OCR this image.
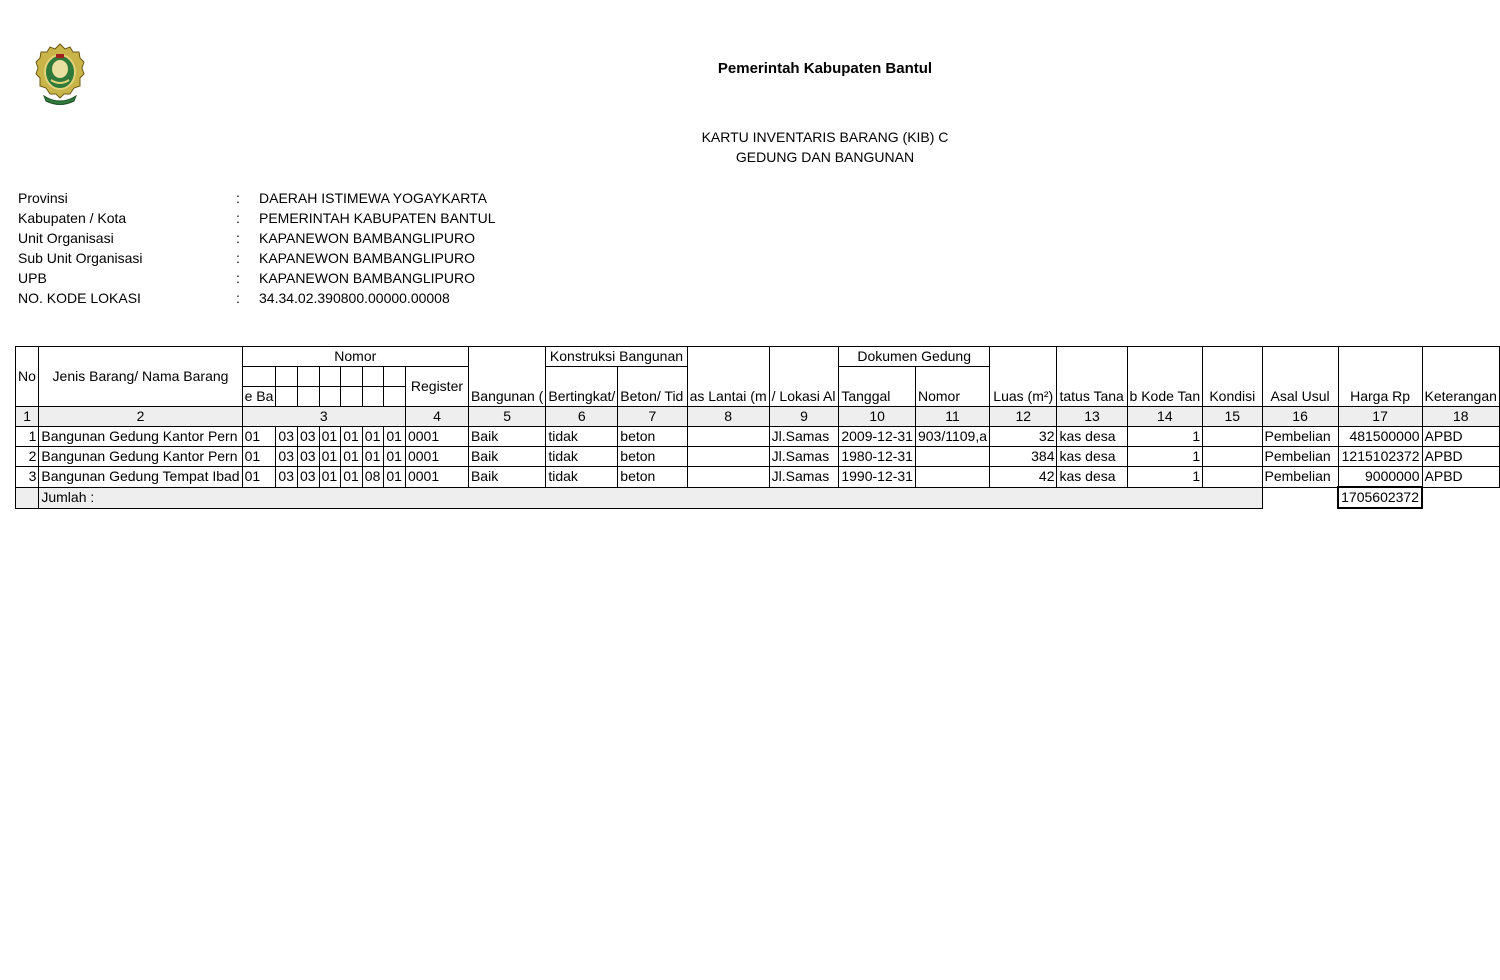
Pemerintah Kabupaten Bantul
KARTU INVENTARIS BARANG (KIB) C
GEDUNG DAN BANGUNAN
Provinsi	:	DAERAH ISTIMEWA YOGAYKARTA
Kabupaten / Kota	:	PEMERINTAH KABUPATEN BANTUL
Unit Organisasi	:	KAPANEWON BAMBANGLIPURO
Sub Unit Organisasi	:	KAPANEWON BAMBANGLIPURO
UPB	:	KAPANEWON BAMBANGLIPURO
NO. KODE LOKASI	:	34.34.02.390800.00000.00008
No	Jenis Barang/ Nama Barang	Nomor								Bangunan (	Konstruksi Bangunan		as Lantai (m	/ Lokasi Al	Dokumen Gedung		Luas (m²)	tatus Tana	b Kode Tan	Kondisi	Asal Usul	Harga Rp	Keterangan
									Register		Bertingkat/	Beton/ Tid			Tanggal	Nomor							
		e Ba																					
1	2	3							4	5	6	7	8	9	10	11	12	13	14	15	16	17	18
1	Bangunan Gedung Kantor Pern	01	03	03	01	01	01	01	0001	Baik	tidak	beton		Jl.Samas	2009-12-31	903/1109,a	32	kas desa	1		Pembelian	481500000	APBD
2	Bangunan Gedung Kantor Pern	01	03	03	01	01	01	01	0001	Baik	tidak	beton		Jl.Samas	1980-12-31		384	kas desa	1		Pembelian	1215102372	APBD
3	Bangunan Gedung Tempat Ibad	01	03	03	01	01	08	01	0001	Baik	tidak	beton		Jl.Samas	1990-12-31		42	kas desa	1		Pembelian	9000000	APBD
	Jumlah :																					1705602372	
